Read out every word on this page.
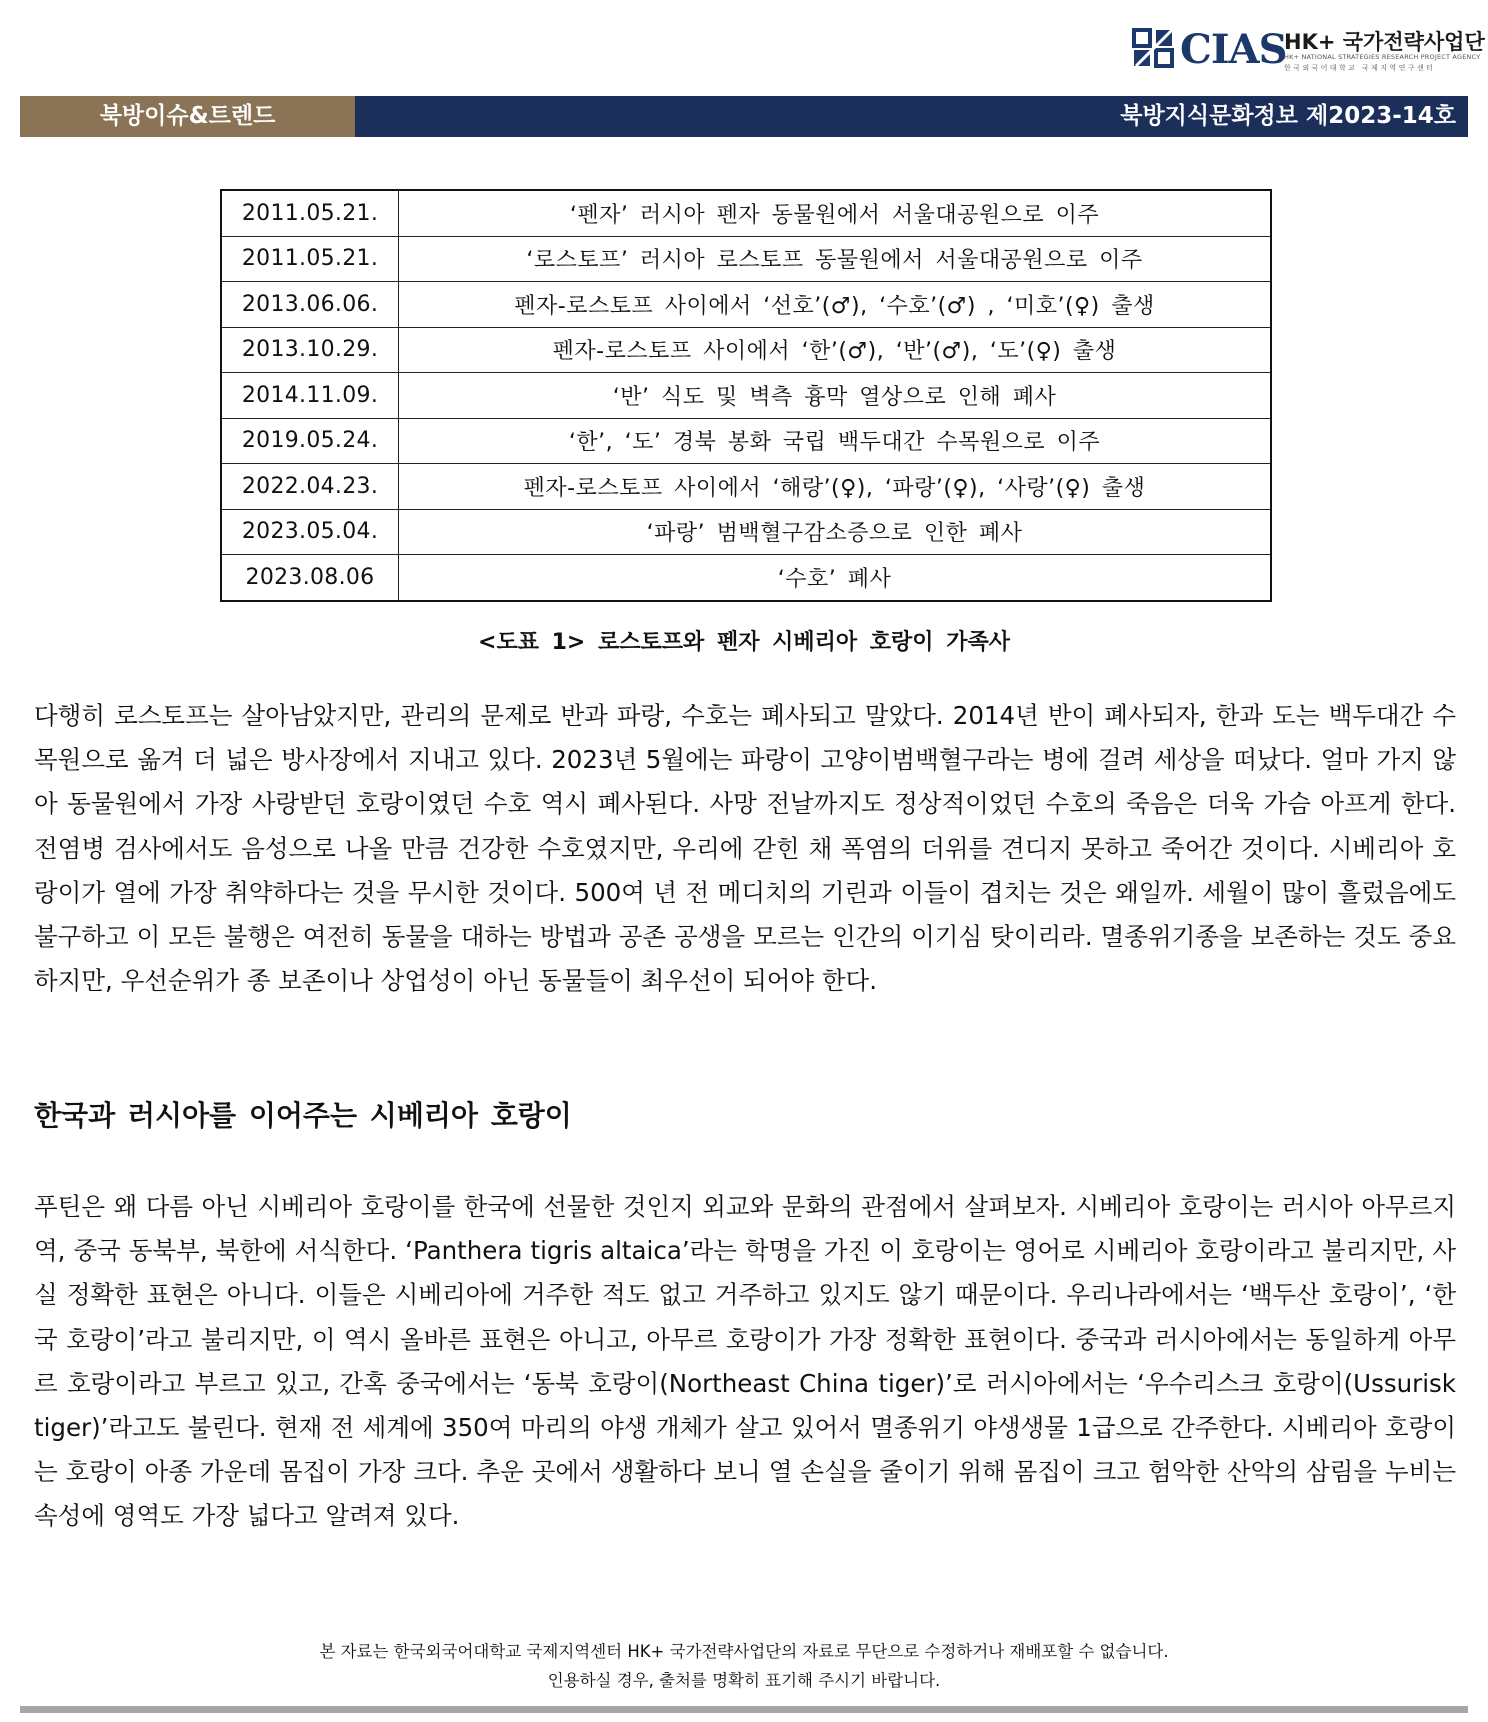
CIAS
HK+ 국가전략사업단
HK+ NATIONAL STRATEGIES RESEARCH PROJECT AGENCY
한국외국어대학교 국제지역연구센터
북방이슈&트렌드	북방지식문화정보 제2023-14호
2011.05.21.	‘펜자’ 러시아 펜자 동물원에서 서울대공원으로 이주
2011.05.21.	‘로스토프’ 러시아 로스토프 동물원에서 서울대공원으로 이주
2013.06.06.	펜자-로스토프 사이에서 ‘선호’(♂), ‘수호’(♂) , ‘미호’(♀) 출생
2013.10.29.	펜자-로스토프 사이에서 ‘한’(♂), ‘반’(♂), ‘도’(♀) 출생
2014.11.09.	‘반’ 식도 및 벽측 흉막 열상으로 인해 폐사
2019.05.24.	‘한’, ‘도’ 경북 봉화 국립 백두대간 수목원으로 이주
2022.04.23.	펜자-로스토프 사이에서 ‘해랑’(♀), ‘파랑’(♀), ‘사랑’(♀) 출생
2023.05.04.	‘파랑’ 범백혈구감소증으로 인한 폐사
2023.08.06	‘수호’ 폐사
<도표 1> 로스토프와 펜자 시베리아 호랑이 가족사

다행히 로스토프는 살아남았지만, 관리의 문제로 반과 파랑, 수호는 폐사되고 말았다. 2014년 반이 폐사되자, 한과 도는 백두대간 수목원으로 옮겨 더 넓은 방사장에서 지내고 있다. 2023년 5월에는 파랑이 고양이범백혈구라는 병에 걸려 세상을 떠났다. 얼마 가지 않아 동물원에서 가장 사랑받던 호랑이였던 수호 역시 폐사된다. 사망 전날까지도 정상적이었던 수호의 죽음은 더욱 가슴 아프게 한다. 전염병 검사에서도 음성으로 나올 만큼 건강한 수호였지만, 우리에 갇힌 채 폭염의 더위를 견디지 못하고 죽어간 것이다. 시베리아 호랑이가 열에 가장 취약하다는 것을 무시한 것이다. 500여 년 전 메디치의 기린과 이들이 겹치는 것은 왜일까. 세월이 많이 흘렀음에도 불구하고 이 모든 불행은 여전히 동물을 대하는 방법과 공존 공생을 모르는 인간의 이기심 탓이리라. 멸종위기종을 보존하는 것도 중요하지만, 우선순위가 종 보존이나 상업성이 아닌 동물들이 최우선이 되어야 한다.

한국과 러시아를 이어주는 시베리아 호랑이

푸틴은 왜 다름 아닌 시베리아 호랑이를 한국에 선물한 것인지 외교와 문화의 관점에서 살펴보자. 시베리아 호랑이는 러시아 아무르지역, 중국 동북부, 북한에 서식한다. ‘Panthera tigris altaica’라는 학명을 가진 이 호랑이는 영어로 시베리아 호랑이라고 불리지만, 사실 정확한 표현은 아니다. 이들은 시베리아에 거주한 적도 없고 거주하고 있지도 않기 때문이다. 우리나라에서는 ‘백두산 호랑이’, ‘한국 호랑이’라고 불리지만, 이 역시 올바른 표현은 아니고, 아무르 호랑이가 가장 정확한 표현이다. 중국과 러시아에서는 동일하게 아무르 호랑이라고 부르고 있고, 간혹 중국에서는 ‘동북 호랑이(Northeast China tiger)’로 러시아에서는 ‘우수리스크 호랑이(Ussurisk tiger)’라고도 불린다. 현재 전 세계에 350여 마리의 야생 개체가 살고 있어서 멸종위기 야생생물 1급으로 간주한다. 시베리아 호랑이는 호랑이 아종 가운데 몸집이 가장 크다. 추운 곳에서 생활하다 보니 열 손실을 줄이기 위해 몸집이 크고 험악한 산악의 삼림을 누비는 속성에 영역도 가장 넓다고 알려져 있다.

본 자료는 한국외국어대학교 국제지역센터 HK+ 국가전략사업단의 자료로 무단으로 수정하거나 재배포할 수 없습니다.
인용하실 경우, 출처를 명확히 표기해 주시기 바랍니다.
